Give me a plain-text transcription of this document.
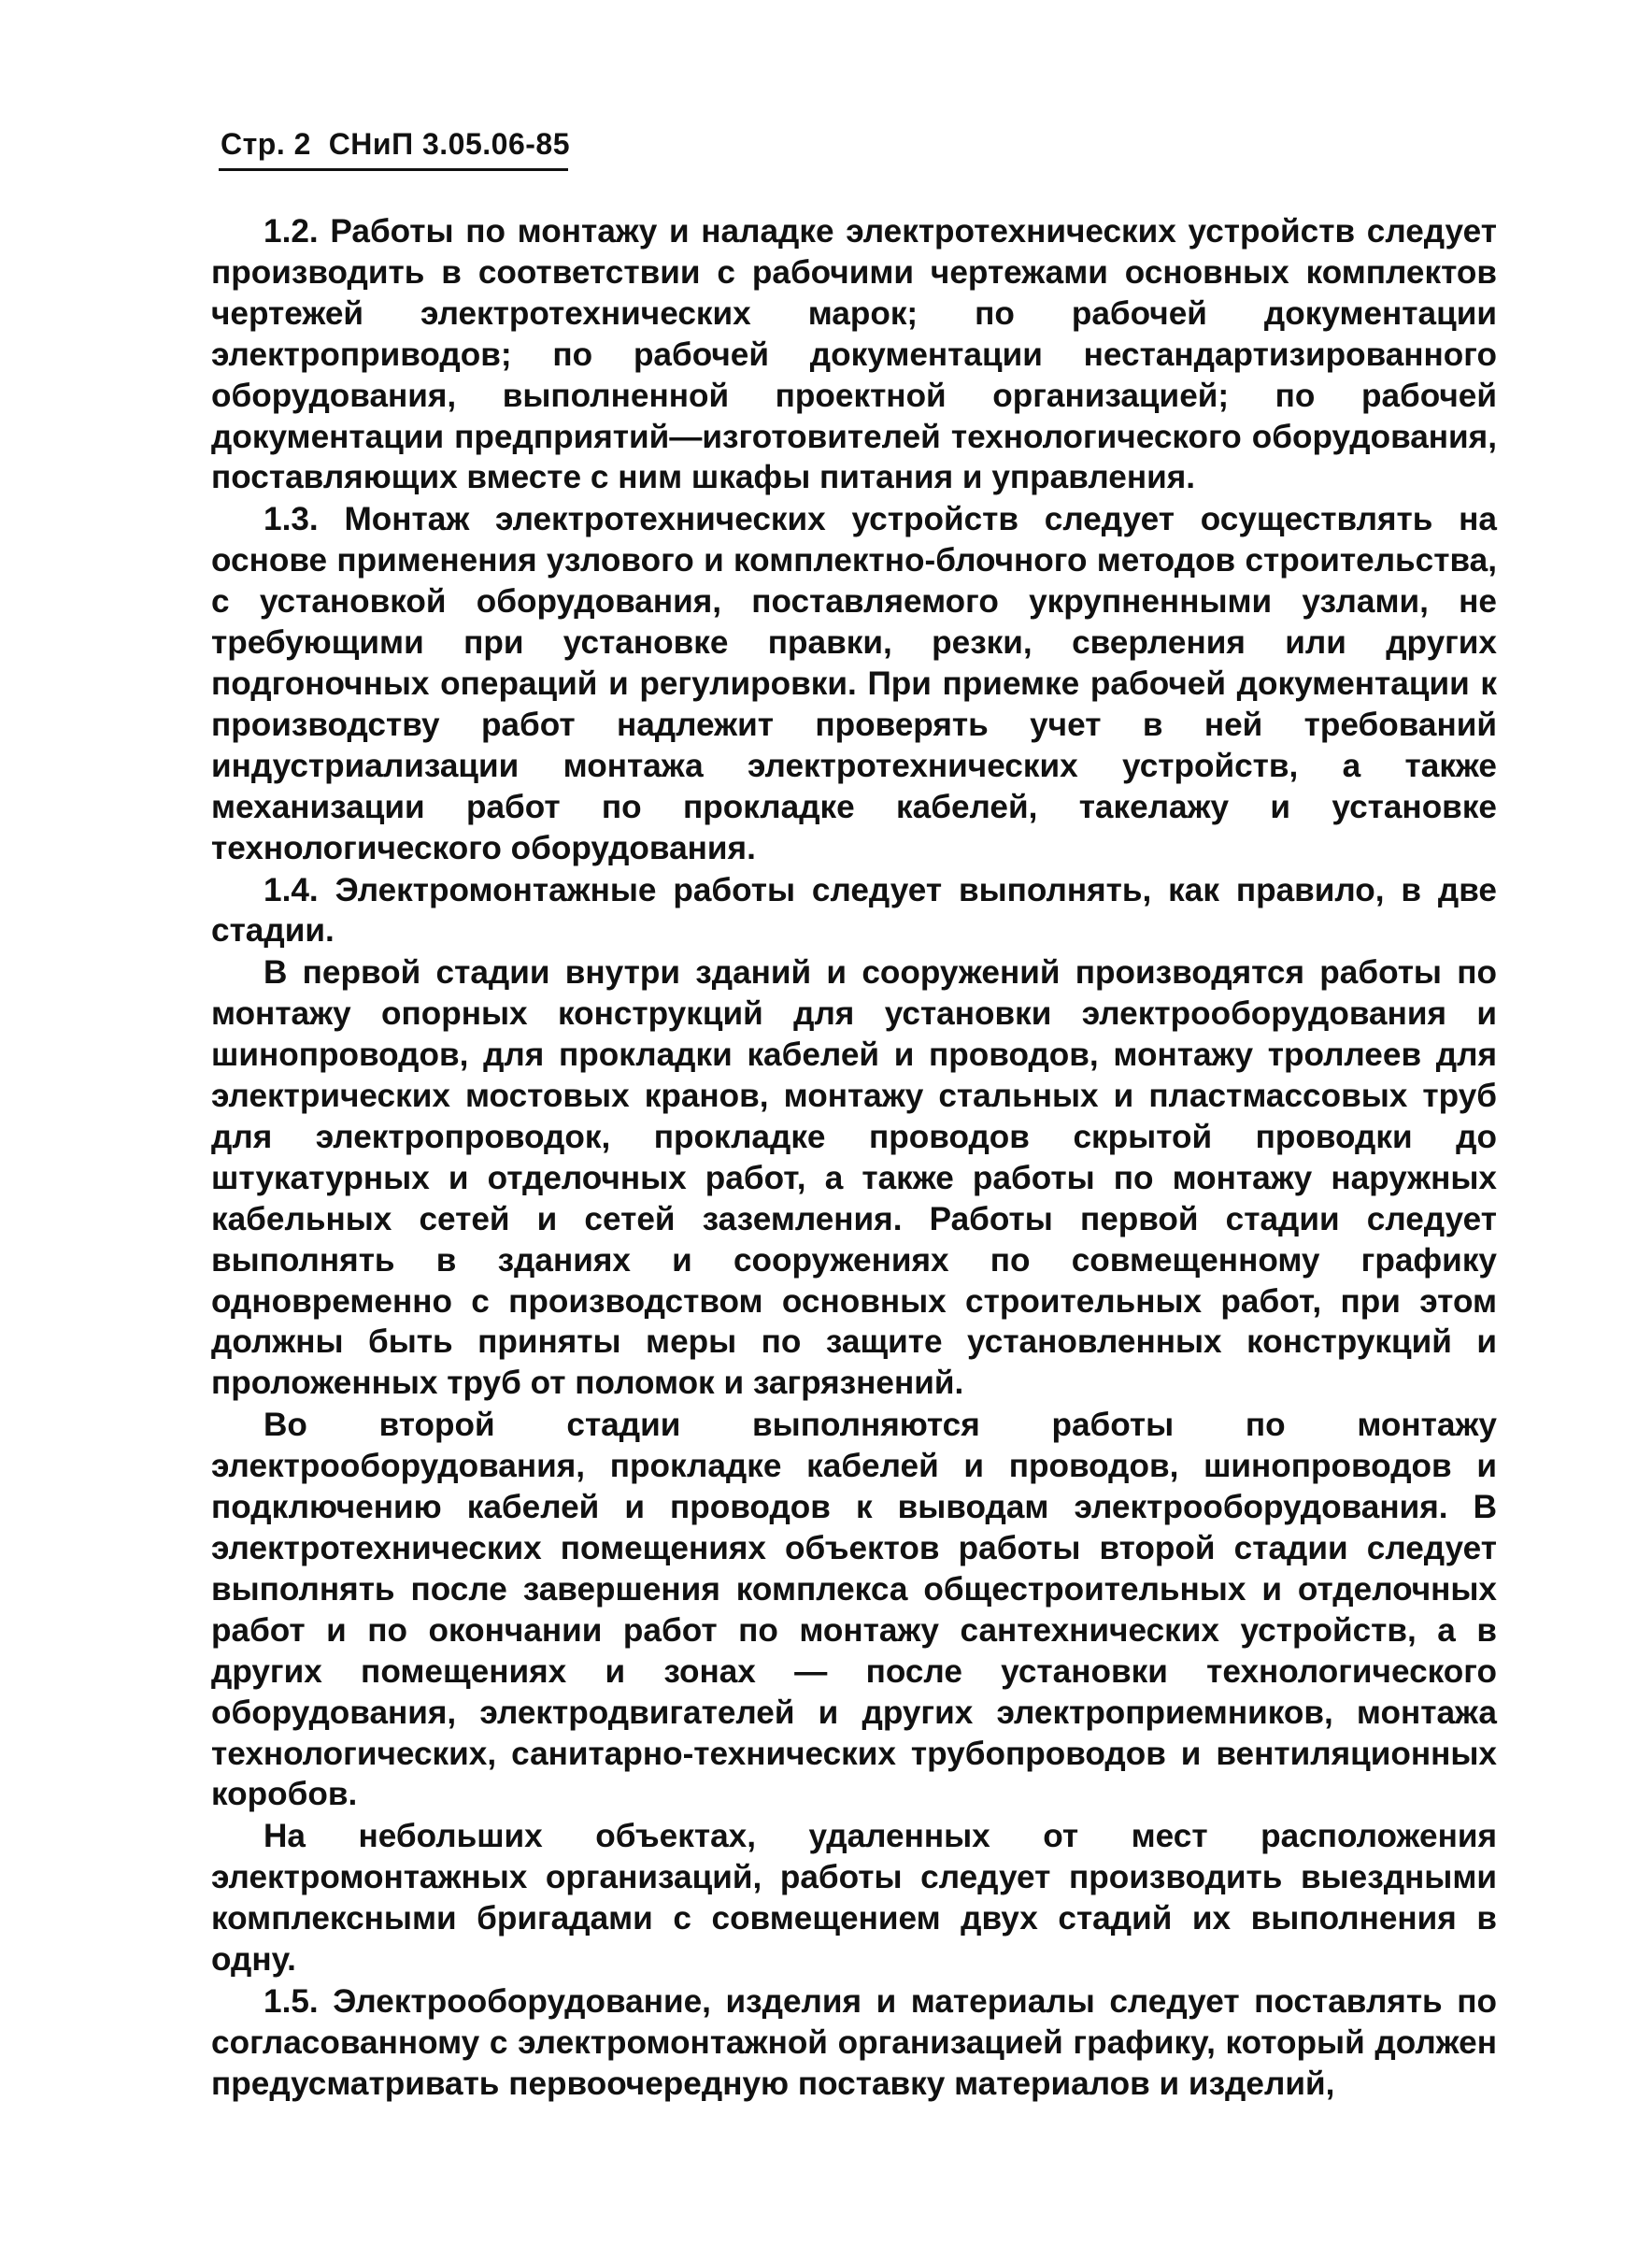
Стр. 2 СНиП 3.05.06-85

1.2. Работы по монтажу и наладке электротехнических устройств следует производить в соответствии с рабочими чертежами основных комплектов чертежей электротехнических марок; по рабочей документации электроприводов; по рабочей документации нестандартизированного оборудования, выполненной проектной организацией; по рабочей документации предприятий—изготовителей технологического оборудования, поставляющих вместе с ним шкафы питания и управления.

1.3. Монтаж электротехнических устройств следует осуществлять на основе применения узлового и комплектно-блочного методов строительства, с установкой оборудования, поставляемого укрупненными узлами, не требующими при установке правки, резки, сверления или других подгоночных операций и регулировки. При приемке рабочей документации к производству работ надлежит проверять учет в ней требований индустриализации монтажа электротехнических устройств, а также механизации работ по прокладке кабелей, такелажу и установке технологического оборудования.

1.4. Электромонтажные работы следует выполнять, как правило, в две стадии.

В первой стадии внутри зданий и сооружений производятся работы по монтажу опорных конструкций для установки электрооборудования и шинопроводов, для прокладки кабелей и проводов, монтажу троллеев для электрических мостовых кранов, монтажу стальных и пластмассовых труб для электропроводок, прокладке проводов скрытой проводки до штукатурных и отделочных работ, а также работы по монтажу наружных кабельных сетей и сетей заземления. Работы первой стадии следует выполнять в зданиях и сооружениях по совмещенному графику одновременно с производством основных строительных работ, при этом должны быть приняты меры по защите установленных конструкций и проложенных труб от поломок и загрязнений.

Во второй стадии выполняются работы по монтажу электрооборудования, прокладке кабелей и проводов, шинопроводов и подключению кабелей и проводов к выводам электрооборудования. В электротехнических помещениях объектов работы второй стадии следует выполнять после завершения комплекса общестроительных и отделочных работ и по окончании работ по монтажу сантехнических устройств, а в других помещениях и зонах — после установки технологического оборудования, электродвигателей и других электроприемников, монтажа технологических, санитарно-технических трубопроводов и вентиляционных коробов.

На небольших объектах, удаленных от мест расположения электромонтажных организаций, работы следует производить выездными комплексными бригадами с совмещением двух стадий их выполнения в одну.

1.5. Электрооборудование, изделия и материалы следует поставлять по согласованному с электромонтажной организацией графику, который должен предусматривать первоочередную поставку материалов и изделий,
